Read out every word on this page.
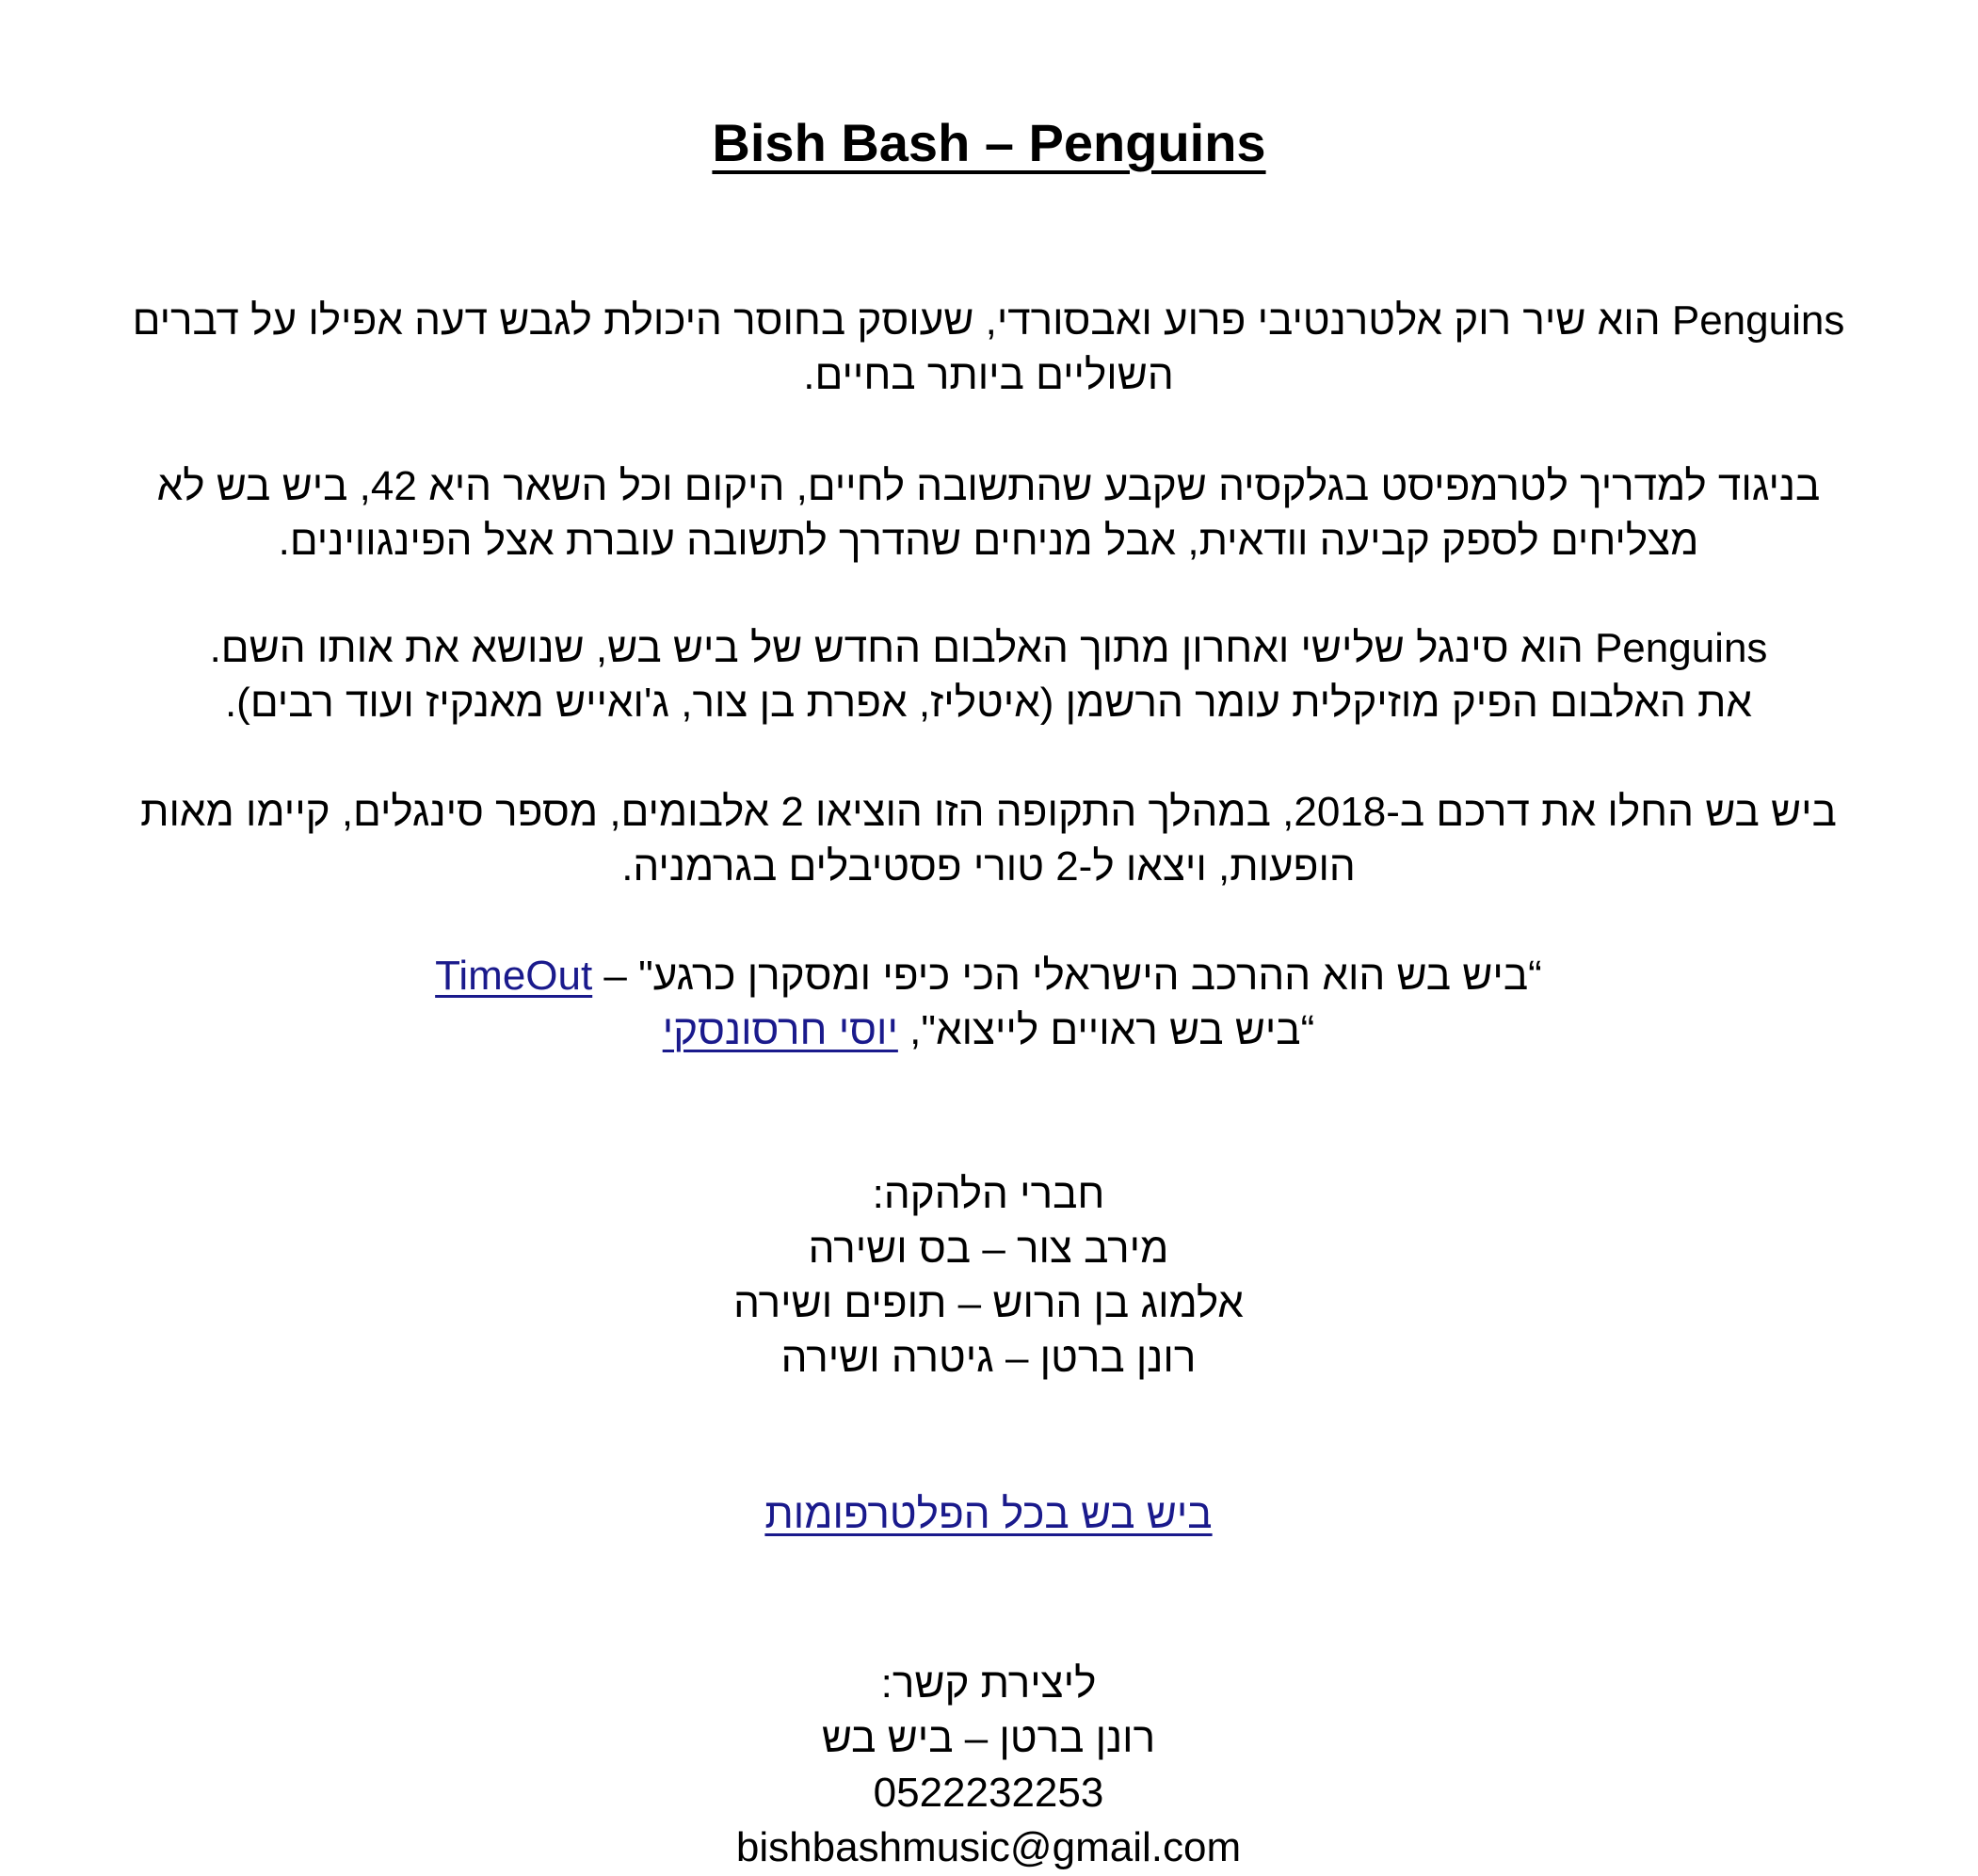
Bish Bash – Penguins
Penguins הוא שיר רוק אלטרנטיבי פרוע ואבסורדי, שעוסק בחוסר היכולת לגבש דעה אפילו על דברים
השוליים ביותר בחיים.
בניגוד למדריך לטרמפיסט בגלקסיה שקבע שהתשובה לחיים, היקום וכל השאר היא 42, ביש בש לא
מצליחים לספק קביעה וודאית, אבל מניחים שהדרך לתשובה עוברת אצל הפינגווינים.
Penguins הוא סינגל שלישי ואחרון מתוך האלבום החדש של ביש בש, שנושא את אותו השם.
את האלבום הפיק מוזיקלית עומר הרשמן (איטליז, אפרת בן צור, ג'ואייש מאנקיז ועוד רבים).
ביש בש החלו את דרכם ב-2018, במהלך התקופה הזו הוציאו 2 אלבומים, מספר סינגלים, קיימו מאות
הופעות, ויצאו ל-2 טורי פסטיבלים בגרמניה.
“ביש בש הוא ההרכב הישראלי הכי כיפי ומסקרן כרגע" – TimeOut
“ביש בש ראויים לייצוא", יוסי חרסונסקי
חברי הלהקה:
מירב צור – בס ושירה
אלמוג בן הרוש – תופים ושירה
רונן ברטן – גיטרה ושירה
ביש בש בכל הפלטרפומות
ליצירת קשר:
רונן ברטן – ביש בש
0522232253
bishbashmusic@gmail.com
